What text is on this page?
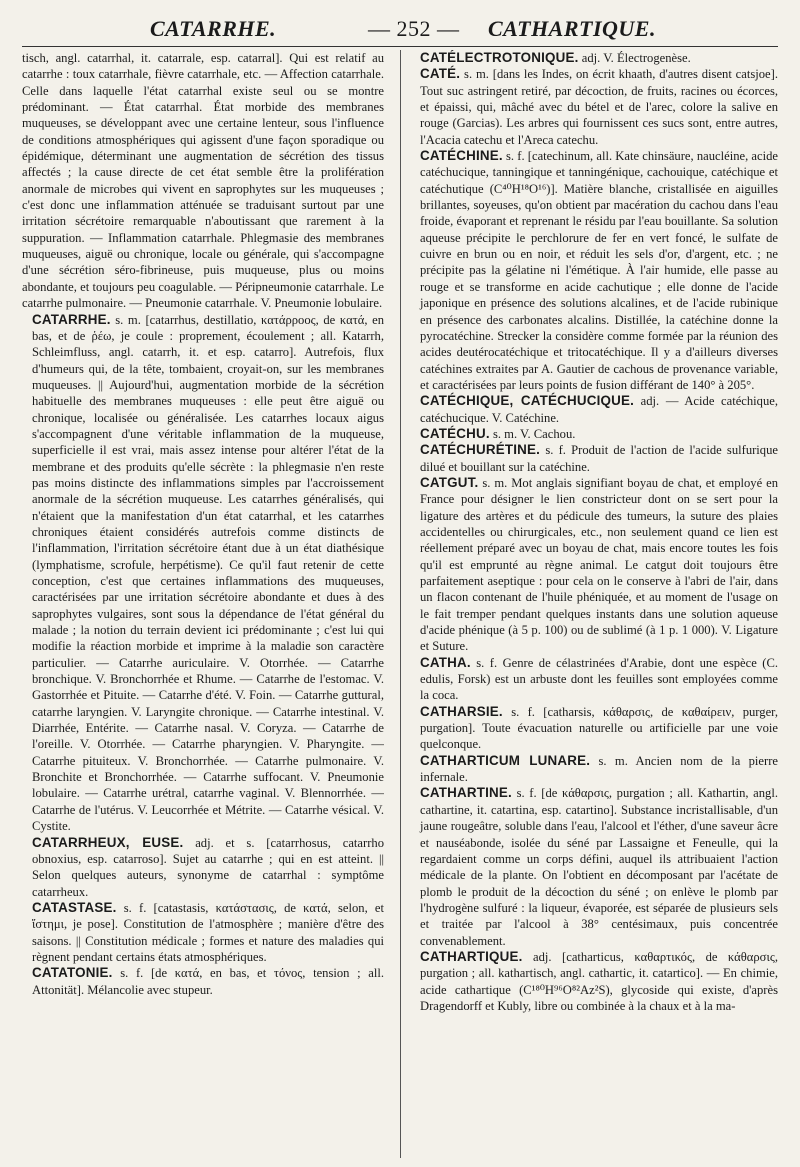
CATARRHE.	— 252 — CATHARTIQUE.

tisch, angl. catarrhal, it. catarrale, esp. catarral]. Qui est relatif au catarrhe : toux catarrhale, fièvre catarrhale, etc. — Affection catarrhale. Celle dans laquelle l'état catarrhal existe seul ou se montre prédominant. — État catarrhal. État morbide des membranes muqueuses, se développant avec une certaine lenteur, sous l'influence de conditions atmosphériques qui agissent d'une façon sporadique ou épidémique, déterminant une augmentation de sécrétion des tissus affectés ; la cause directe de cet état semble être la prolifération anormale de microbes qui vivent en saprophytes sur les muqueuses ; c'est donc une inflammation atténuée se traduisant surtout par une irritation sécrétoire remarquable n'aboutissant que rarement à la suppuration. — Inflammation catarrhale. Phlegmasie des membranes muqueuses, aiguë ou chronique, locale ou générale, qui s'accompagne d'une sécrétion séro-fibrineuse, puis muqueuse, plus ou moins abondante, et toujours peu coagulable. — Péripneumonie catarrhale. Le catarrhe pulmonaire. — Pneumonie catarrhale. V. Pneumonie lobulaire.

CATARRHE. s. m. [catarrhus, destillatio, κατάρροος, de κατά, en bas, et de ῥέω, je coule : proprement, écoulement ; all. Katarrh, Schleimfluss, angl. catarrh, it. et esp. catarro]. Autrefois, flux d'humeurs qui, de la tête, tombaient, croyait-on, sur les membranes muqueuses. || Aujourd'hui, augmentation morbide de la sécrétion habituelle des membranes muqueuses : elle peut être aiguë ou chronique, localisée ou généralisée. Les catarrhes locaux aigus s'accompagnent d'une véritable inflammation de la muqueuse, superficielle il est vrai, mais assez intense pour altérer l'état de la membrane et des produits qu'elle sécrète : la phlegmasie n'en reste pas moins distincte des inflammations simples par l'accroissement anormale de la sécrétion muqueuse. Les catarrhes généralisés, qui n'étaient que la manifestation d'un état catarrhal, et les catarrhes chroniques étaient considérés autrefois comme distincts de l'inflammation, l'irritation sécrétoire étant due à un état diathésique (lymphatisme, scrofule, herpétisme). Ce qu'il faut retenir de cette conception, c'est que certaines inflammations des muqueuses, caractérisées par une irritation sécrétoire abondante et dues à des saprophytes vulgaires, sont sous la dépendance de l'état général du malade ; la notion du terrain devient ici prédominante ; c'est lui qui modifie la réaction morbide et imprime à la maladie son caractère particulier. — Catarrhe auriculaire. V. Otorrhée. — Catarrhe bronchique. V. Bronchorrhée et Rhume. — Catarrhe de l'estomac. V. Gastorrhée et Pituite. — Catarrhe d'été. V. Foin. — Catarrhe guttural, catarrhe laryngien. V. Laryngite chronique. — Catarrhe intestinal. V. Diarrhée, Entérite. — Catarrhe nasal. V. Coryza. — Catarrhe de l'oreille. V. Otorrhée. — Catarrhe pharyngien. V. Pharyngite. — Catarrhe pituiteux. V. Bronchorrhée. — Catarrhe pulmonaire. V. Bronchite et Bronchorrhée. — Catarrhe suffocant. V. Pneumonie lobulaire. — Catarrhe urétral, catarrhe vaginal. V. Blennorrhée. — Catarrhe de l'utérus. V. Leucorrhée et Métrite. — Catarrhe vésical. V. Cystite.

CATARRHEUX, EUSE. adj. et s. [catarrhosus, catarrho obnoxius, esp. catarroso]. Sujet au catarrhe ; qui en est atteint. || Selon quelques auteurs, synonyme de catarrhal : symptôme catarrheux.

CATASTASE. s. f. [catastasis, κατάστασις, de κατά, selon, et ἵστημι, je pose]. Constitution de l'atmosphère ; manière d'être des saisons. || Constitution médicale ; formes et nature des maladies qui règnent pendant certains états atmosphériques.

CATATONIE. s. f. [de κατά, en bas, et τόνος, tension ; all. Attonität]. Mélancolie avec stupeur.

CATÉLECTROTONIQUE. adj. V. Électrogenèse.

CATÉ. s. m. [dans les Indes, on écrit khaath, d'autres disent catsjoe]. Tout suc astringent retiré, par décoction, de fruits, racines ou écorces, et épaissi, qui, mâché avec du bétel et de l'arec, colore la salive en rouge (Garcias). Les arbres qui fournissent ces sucs sont, entre autres, l'Acacia catechu et l'Areca catechu.

CATÉCHINE. s. f. [catechinum, all. Kate chinsäure, naucléine, acide catéchucique, tanningique et tanningénique, cachouique, catéchique et catéchutique (C⁴⁰H¹⁸O¹⁶)]. Matière blanche, cristallisée en aiguilles brillantes, soyeuses, qu'on obtient par macération du cachou dans l'eau froide, évaporant et reprenant le résidu par l'eau bouillante. Sa solution aqueuse précipite le perchlorure de fer en vert foncé, le sulfate de cuivre en brun ou en noir, et réduit les sels d'or, d'argent, etc. ; ne précipite pas la gélatine ni l'émétique. À l'air humide, elle passe au rouge et se transforme en acide cachutique ; elle donne de l'acide japonique en présence des solutions alcalines, et de l'acide rubinique en présence des carbonates alcalins. Distillée, la catéchine donne la pyrocatéchine. Strecker la considère comme formée par la réunion des acides deutérocatéchique et tritocatéchique. Il y a d'ailleurs diverses catéchines extraites par A. Gautier de cachous de provenance variable, et caractérisées par leurs points de fusion différant de 140° à 205°.

CATÉCHIQUE, CATÉCHUCIQUE. adj. — Acide catéchique, catéchucique. V. Catéchine.

CATÉCHU. s. m. V. Cachou.

CATÉCHURÉTINE. s. f. Produit de l'action de l'acide sulfurique dilué et bouillant sur la catéchine.

CATGUT. s. m. Mot anglais signifiant boyau de chat, et employé en France pour désigner le lien constricteur dont on se sert pour la ligature des artères et du pédicule des tumeurs, la suture des plaies accidentelles ou chirurgicales, etc., non seulement quand ce lien est réellement préparé avec un boyau de chat, mais encore toutes les fois qu'il est emprunté au règne animal. Le catgut doit toujours être parfaitement aseptique : pour cela on le conserve à l'abri de l'air, dans un flacon contenant de l'huile phéniquée, et au moment de l'usage on le fait tremper pendant quelques instants dans une solution aqueuse d'acide phénique (à 5 p. 100) ou de sublimé (à 1 p. 1 000). V. Ligature et Suture.

CATHA. s. f. Genre de célastrinées d'Arabie, dont une espèce (C. edulis, Forsk) est un arbuste dont les feuilles sont employées comme la coca.

CATHARSIE. s. f. [catharsis, κάθαρσις, de καθαίρειν, purger, purgation]. Toute évacuation naturelle ou artificielle par une voie quelconque.

CATHARTICUM LUNARE. s. m. Ancien nom de la pierre infernale.

CATHARTINE. s. f. [de κάθαρσις, purgation ; all. Kathartin, angl. cathartine, it. catartina, esp. catartino]. Substance incristallisable, d'un jaune rougeâtre, soluble dans l'eau, l'alcool et l'éther, d'une saveur âcre et nauséabonde, isolée du séné par Lassaigne et Feneulle, qui la regardaient comme un corps défini, auquel ils attribuaient l'action médicale de la plante. On l'obtient en décomposant par l'acétate de plomb le produit de la décoction du séné ; on enlève le plomb par l'hydrogène sulfuré : la liqueur, évaporée, est séparée de plusieurs sels et traitée par l'alcool à 38° centésimaux, puis concentrée convenablement.

CATHARTIQUE. adj. [catharticus, καθαρτικός, de κάθαρσις, purgation ; all. kathartisch, angl. cathartic, it. catartico]. — En chimie, acide cathartique (C¹⁸⁰H⁹⁶O⁸²Az²S), glycoside qui existe, d'après Dragendorff et Kubly, libre ou combinée à la chaux et à la ma-
